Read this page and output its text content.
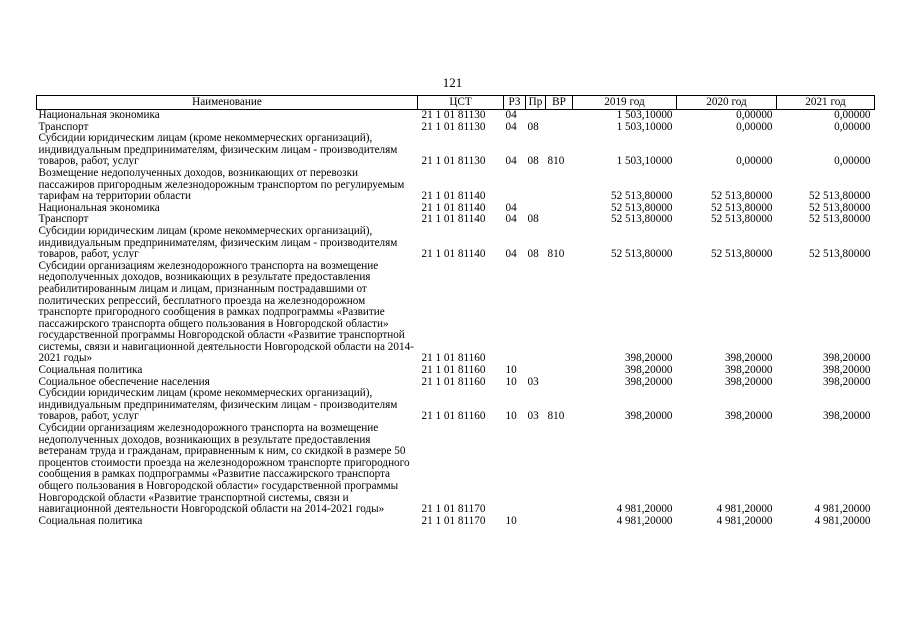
121
Наименование	ЦСТ	РЗ	Пр	ВР	2019 год	2020 год	2021 год
Национальная экономика	21 1 01 81130	04			1 503,10000	0,00000	0,00000
Транспорт	21 1 01 81130	04	08		1 503,10000	0,00000	0,00000
Субсидии юридическим лицам (кроме некоммерческих организаций), индивидуальным предпринимателям, физическим лицам - производителям товаров, работ, услуг	21 1 01 81130	04	08	810	1 503,10000	0,00000	0,00000
Возмещение недополученных доходов, возникающих от перевозки пассажиров пригородным железнодорожным транспортом по регулируемым тарифам на территории области	21 1 01 81140				52 513,80000	52 513,80000	52 513,80000
Национальная экономика	21 1 01 81140	04			52 513,80000	52 513,80000	52 513,80000
Транспорт	21 1 01 81140	04	08		52 513,80000	52 513,80000	52 513,80000
Субсидии юридическим лицам (кроме некоммерческих организаций), индивидуальным предпринимателям, физическим лицам - производителям товаров, работ, услуг	21 1 01 81140	04	08	810	52 513,80000	52 513,80000	52 513,80000
Субсидии организациям железнодорожного транспорта на возмещение недополученных доходов, возникающих в результате предоставления реабилитированным лицам и лицам, признанным пострадавшими от политических репрессий, бесплатного проезда на железнодорожном транспорте пригородного сообщения в рамках подпрограммы «Развитие пассажирского транспорта общего пользования в Новгородской области» государственной программы Новгородской области «Развитие транспортной системы, связи и навигационной деятельности Новгородской области на 2014-2021 годы»	21 1 01 81160				398,20000	398,20000	398,20000
Социальная политика	21 1 01 81160	10			398,20000	398,20000	398,20000
Социальное обеспечение населения	21 1 01 81160	10	03		398,20000	398,20000	398,20000
Субсидии юридическим лицам (кроме некоммерческих организаций), индивидуальным предпринимателям, физическим лицам - производителям товаров, работ, услуг	21 1 01 81160	10	03	810	398,20000	398,20000	398,20000
Субсидии организациям железнодорожного транспорта на возмещение недополученных доходов, возникающих в результате предоставления ветеранам труда и гражданам, приравненным к ним, со скидкой в размере 50 процентов стоимости проезда на железнодорожном транспорте пригородного сообщения в рамках подпрограммы «Развитие пассажирского транспорта общего пользования в Новгородской области» государственной программы Новгородской области «Развитие транспортной системы, связи и навигационной деятельности Новгородской области на 2014-2021 годы»	21 1 01 81170				4 981,20000	4 981,20000	4 981,20000
Социальная политика	21 1 01 81170	10			4 981,20000	4 981,20000	4 981,20000
